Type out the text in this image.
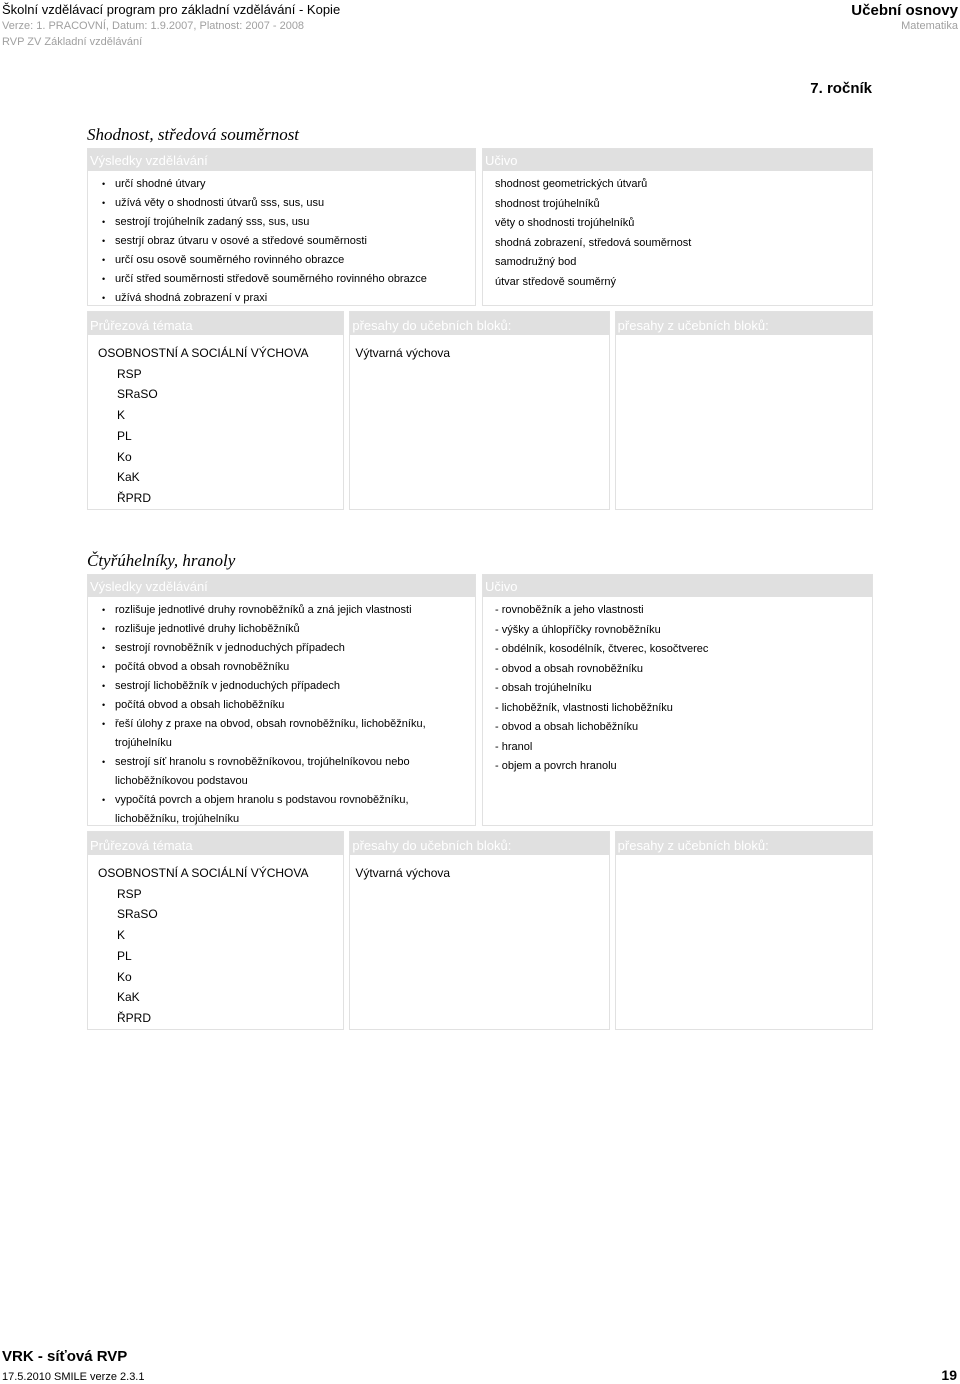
Školní vzdělávací program pro základní vzdělávání - Kopie
Verze: 1. PRACOVNÍ, Datum: 1.9.2007, Platnost: 2007 - 2008
RVP ZV Základní vzdělávání
Učební osnovy
Matematika
7. ročník
Shodnost, středová souměrnost
Výsledky vzdělávání
• určí shodné útvary
• užívá věty o shodnosti útvarů sss, sus, usu
• sestrojí trojúhelník zadaný sss, sus, usu
• sestrjí obraz útvaru v osové a středové souměrnosti
• určí osu osově souměrného rovinného obrazce
• určí střed souměrnosti středově souměrného rovinného obrazce
• užívá shodná zobrazení v praxi
Učivo
shodnost geometrických útvarů
shodnost trojúhelníků
věty o shodnosti trojúhelníků
shodná zobrazení, středová souměrnost
samodružný bod
útvar středově souměrný
Průřezová témata
OSOBNOSTNÍ A SOCIÁLNÍ VÝCHOVA
RSP
SRaSO
K
PL
Ko
KaK
ŘPRD
přesahy do učebních bloků:
Výtvarná výchova
přesahy z učebních bloků:
Čtyřúhelníky, hranoly
Výsledky vzdělávání
• rozlišuje jednotlivé druhy rovnoběžníků a zná jejich vlastnosti
• rozlišuje jednotlivé druhy lichoběžníků
• sestrojí rovnoběžník v jednoduchých případech
• počítá obvod a obsah rovnoběžníku
• sestrojí lichoběžník v jednoduchých případech
• počítá obvod a obsah lichoběžníku
• řeší úlohy z praxe na obvod, obsah rovnoběžníku, lichoběžníku, trojúhelníku
• sestrojí síť hranolu s rovnoběžníkovou, trojúhelníkovou nebo lichoběžníkovou podstavou
• vypočítá povrch a objem hranolu s podstavou rovnoběžníku, lichoběžníku, trojúhelníku
Učivo
- rovnoběžník a jeho vlastnosti
- výšky a úhlopříčky rovnoběžníku
- obdélník, kosodélník, čtverec, kosočtverec
- obvod a obsah rovnoběžníku
- obsah trojúhelníku
- lichoběžník, vlastnosti lichoběžníku
- obvod a obsah lichoběžníku
- hranol
- objem a povrch hranolu
Průřezová témata
OSOBNOSTNÍ A SOCIÁLNÍ VÝCHOVA
RSP
SRaSO
K
PL
Ko
KaK
ŘPRD
přesahy do učebních bloků:
Výtvarná výchova
přesahy z učebních bloků:
VRK - síťová RVP
17.5.2010 SMILE verze 2.3.1	19
